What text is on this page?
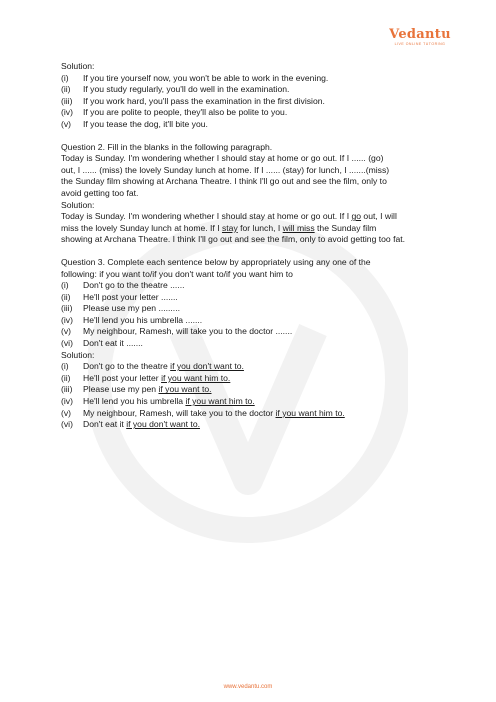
Vedantu
LIVE ONLINE TUTORING
Solution:
(i)	If you tire yourself now, you won't be able to work in the evening.
(ii)	If you study regularly, you'll do well in the examination.
(iii)	If you work hard, you'll pass the examination in the first division.
(iv)	If you are polite to people, they'll also be polite to you.
(v)	If you tease the dog, it'll bite you.
Question 2. Fill in the blanks in the following paragraph.
Today is Sunday. I'm wondering whether I should stay at home or go out. If I ...... (go)
out, I ...... (miss) the lovely Sunday lunch at home. If I ...... (stay) for lunch, I .......(miss)
the Sunday film showing at Archana Theatre. I think I'll go out and see the film, only to
avoid getting too fat.
Solution:
Today is Sunday. I'm wondering whether I should stay at home or go out. If I go out, I will
miss the lovely Sunday lunch at home. If I stay for lunch, I will miss the Sunday film
showing at Archana Theatre. I think I'll go out and see the film, only to avoid getting too fat.
Question 3. Complete each sentence below by appropriately using any one of the
following: if you want to/if you don't want to/if you want him to
(i)	Don't go to the theatre ......
(ii)	He'll post your letter .......
(iii)	Please use my pen .........
(iv)	He'll lend you his umbrella .......
(v)	My neighbour, Ramesh, will take you to the doctor .......
(vi)	Don't eat it .......
Solution:
(i)	Don't go to the theatre if you don't want to.
(ii)	He'll post your letter if you want him to.
(iii)	Please use my pen if you want to.
(iv)	He'll lend you his umbrella if you want him to.
(v)	My neighbour, Ramesh, will take you to the doctor if you want him to.
(vi)	Don't eat it if you don't want to.
www.vedantu.com
